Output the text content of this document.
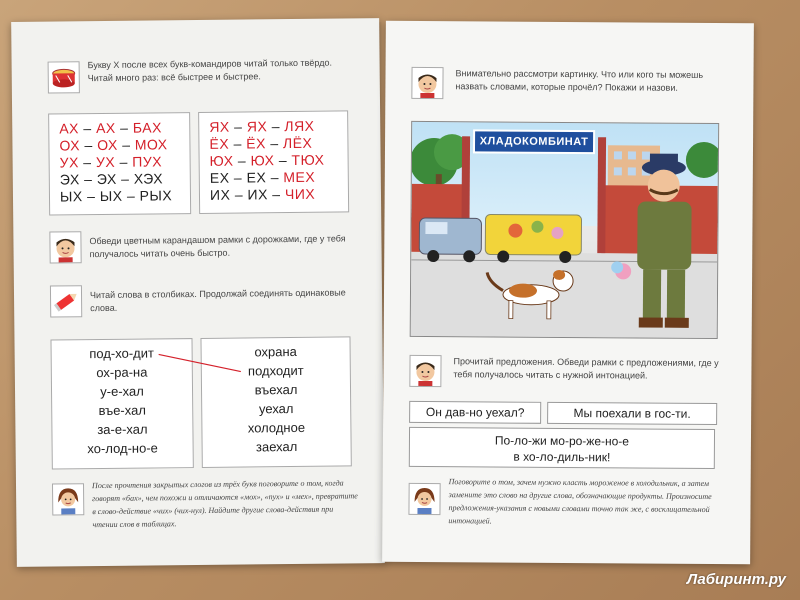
Букву Х после всех букв-командиров читай только твёрдо. Читай много раз: всё быстрее и быстрее.
АХ – АХ – БАХ
ОХ – ОХ – МОХ
УХ – УХ – ПУХ
ЭХ – ЭХ – ХЭХ
ЫХ – ЫХ – РЫХ
ЯХ – ЯХ – ЛЯХ
ЁХ – ЁХ – ЛЁХ
ЮХ – ЮХ – ТЮХ
ЕХ – ЕХ – МЕХ
ИХ – ИХ – ЧИХ
Обведи цветным карандашом рамки с дорожками, где у тебя получалось читать очень быстро.
Читай слова в столбиках. Продолжай соединять одинаковые слова.
под-хо-дит
ох-ра-на
у-е-хал
въе-хал
за-е-хал
хо-лод-но-е
охрана
подходит
въехал
уехал
холодное
заехал
После прочтения закрытых слогов из трёх букв поговорите о том, когда говорят «бах», чем похожи и отличаются «мох», «пух» и «мех», превратите в слово-действие «чих» (чих-нул). Найдите другие слова-действия при чтении слов в таблицах.
Внимательно рассмотри картинку. Что или кого ты можешь назвать словами, которые прочёл? Покажи и назови.
ХЛАДОКОМБИНАТ
Прочитай предложения. Обведи рамки с предложениями, где у тебя получалось читать с нужной интонацией.
Он дав-но уехал?	Мы поехали в гос-ти.
По-ло-жи мо-ро-же-но-е
в хо-ло-диль-ник!
Поговорите о том, зачем нужно класть мороженое в холодильник, а затем замените это слово на другие слова, обозначающие продукты. Произносите предложения-указания с новыми словами точно так же, с восклицательной интонацией.
Лабиринт.ру
